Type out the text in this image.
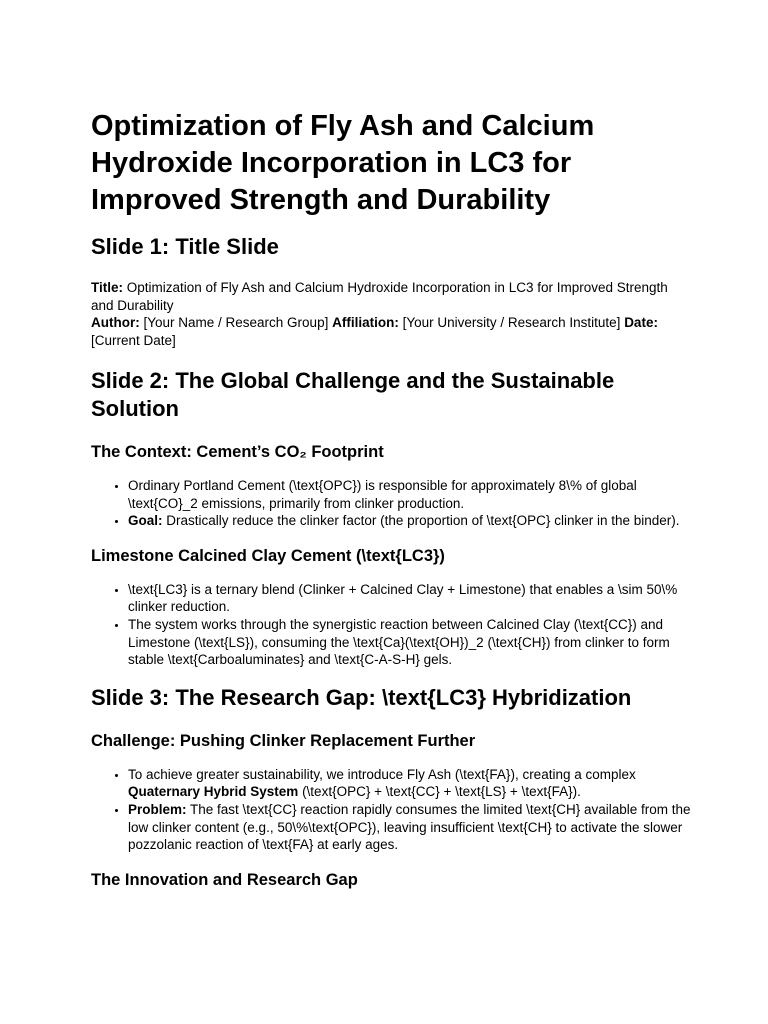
Optimization of Fly Ash and Calcium Hydroxide Incorporation in LC3 for Improved Strength and Durability
Slide 1: Title Slide

Title: Optimization of Fly Ash and Calcium Hydroxide Incorporation in LC3 for Improved Strength and Durability
Author: [Your Name / Research Group] Affiliation: [Your University / Research Institute] Date: [Current Date]

Slide 2: The Global Challenge and the Sustainable Solution
The Context: Cement’s CO₂ Footprint
• Ordinary Portland Cement (\text{OPC}) is responsible for approximately 8\% of global \text{CO}_2 emissions, primarily from clinker production.
• Goal: Drastically reduce the clinker factor (the proportion of \text{OPC} clinker in the binder).
Limestone Calcined Clay Cement (\text{LC3})
• \text{LC3} is a ternary blend (Clinker + Calcined Clay + Limestone) that enables a \sim 50\% clinker reduction.
• The system works through the synergistic reaction between Calcined Clay (\text{CC}) and Limestone (\text{LS}), consuming the \text{Ca}(\text{OH})_2 (\text{CH}) from clinker to form stable \text{Carboaluminates} and \text{C-A-S-H} gels.
Slide 3: The Research Gap: \text{LC3} Hybridization
Challenge: Pushing Clinker Replacement Further
• To achieve greater sustainability, we introduce Fly Ash (\text{FA}), creating a complex Quaternary Hybrid System (\text{OPC} + \text{CC} + \text{LS} + \text{FA}).
• Problem: The fast \text{CC} reaction rapidly consumes the limited \text{CH} available from the low clinker content (e.g., 50\%\text{OPC}), leaving insufficient \text{CH} to activate the slower pozzolanic reaction of \text{FA} at early ages.
The Innovation and Research Gap
